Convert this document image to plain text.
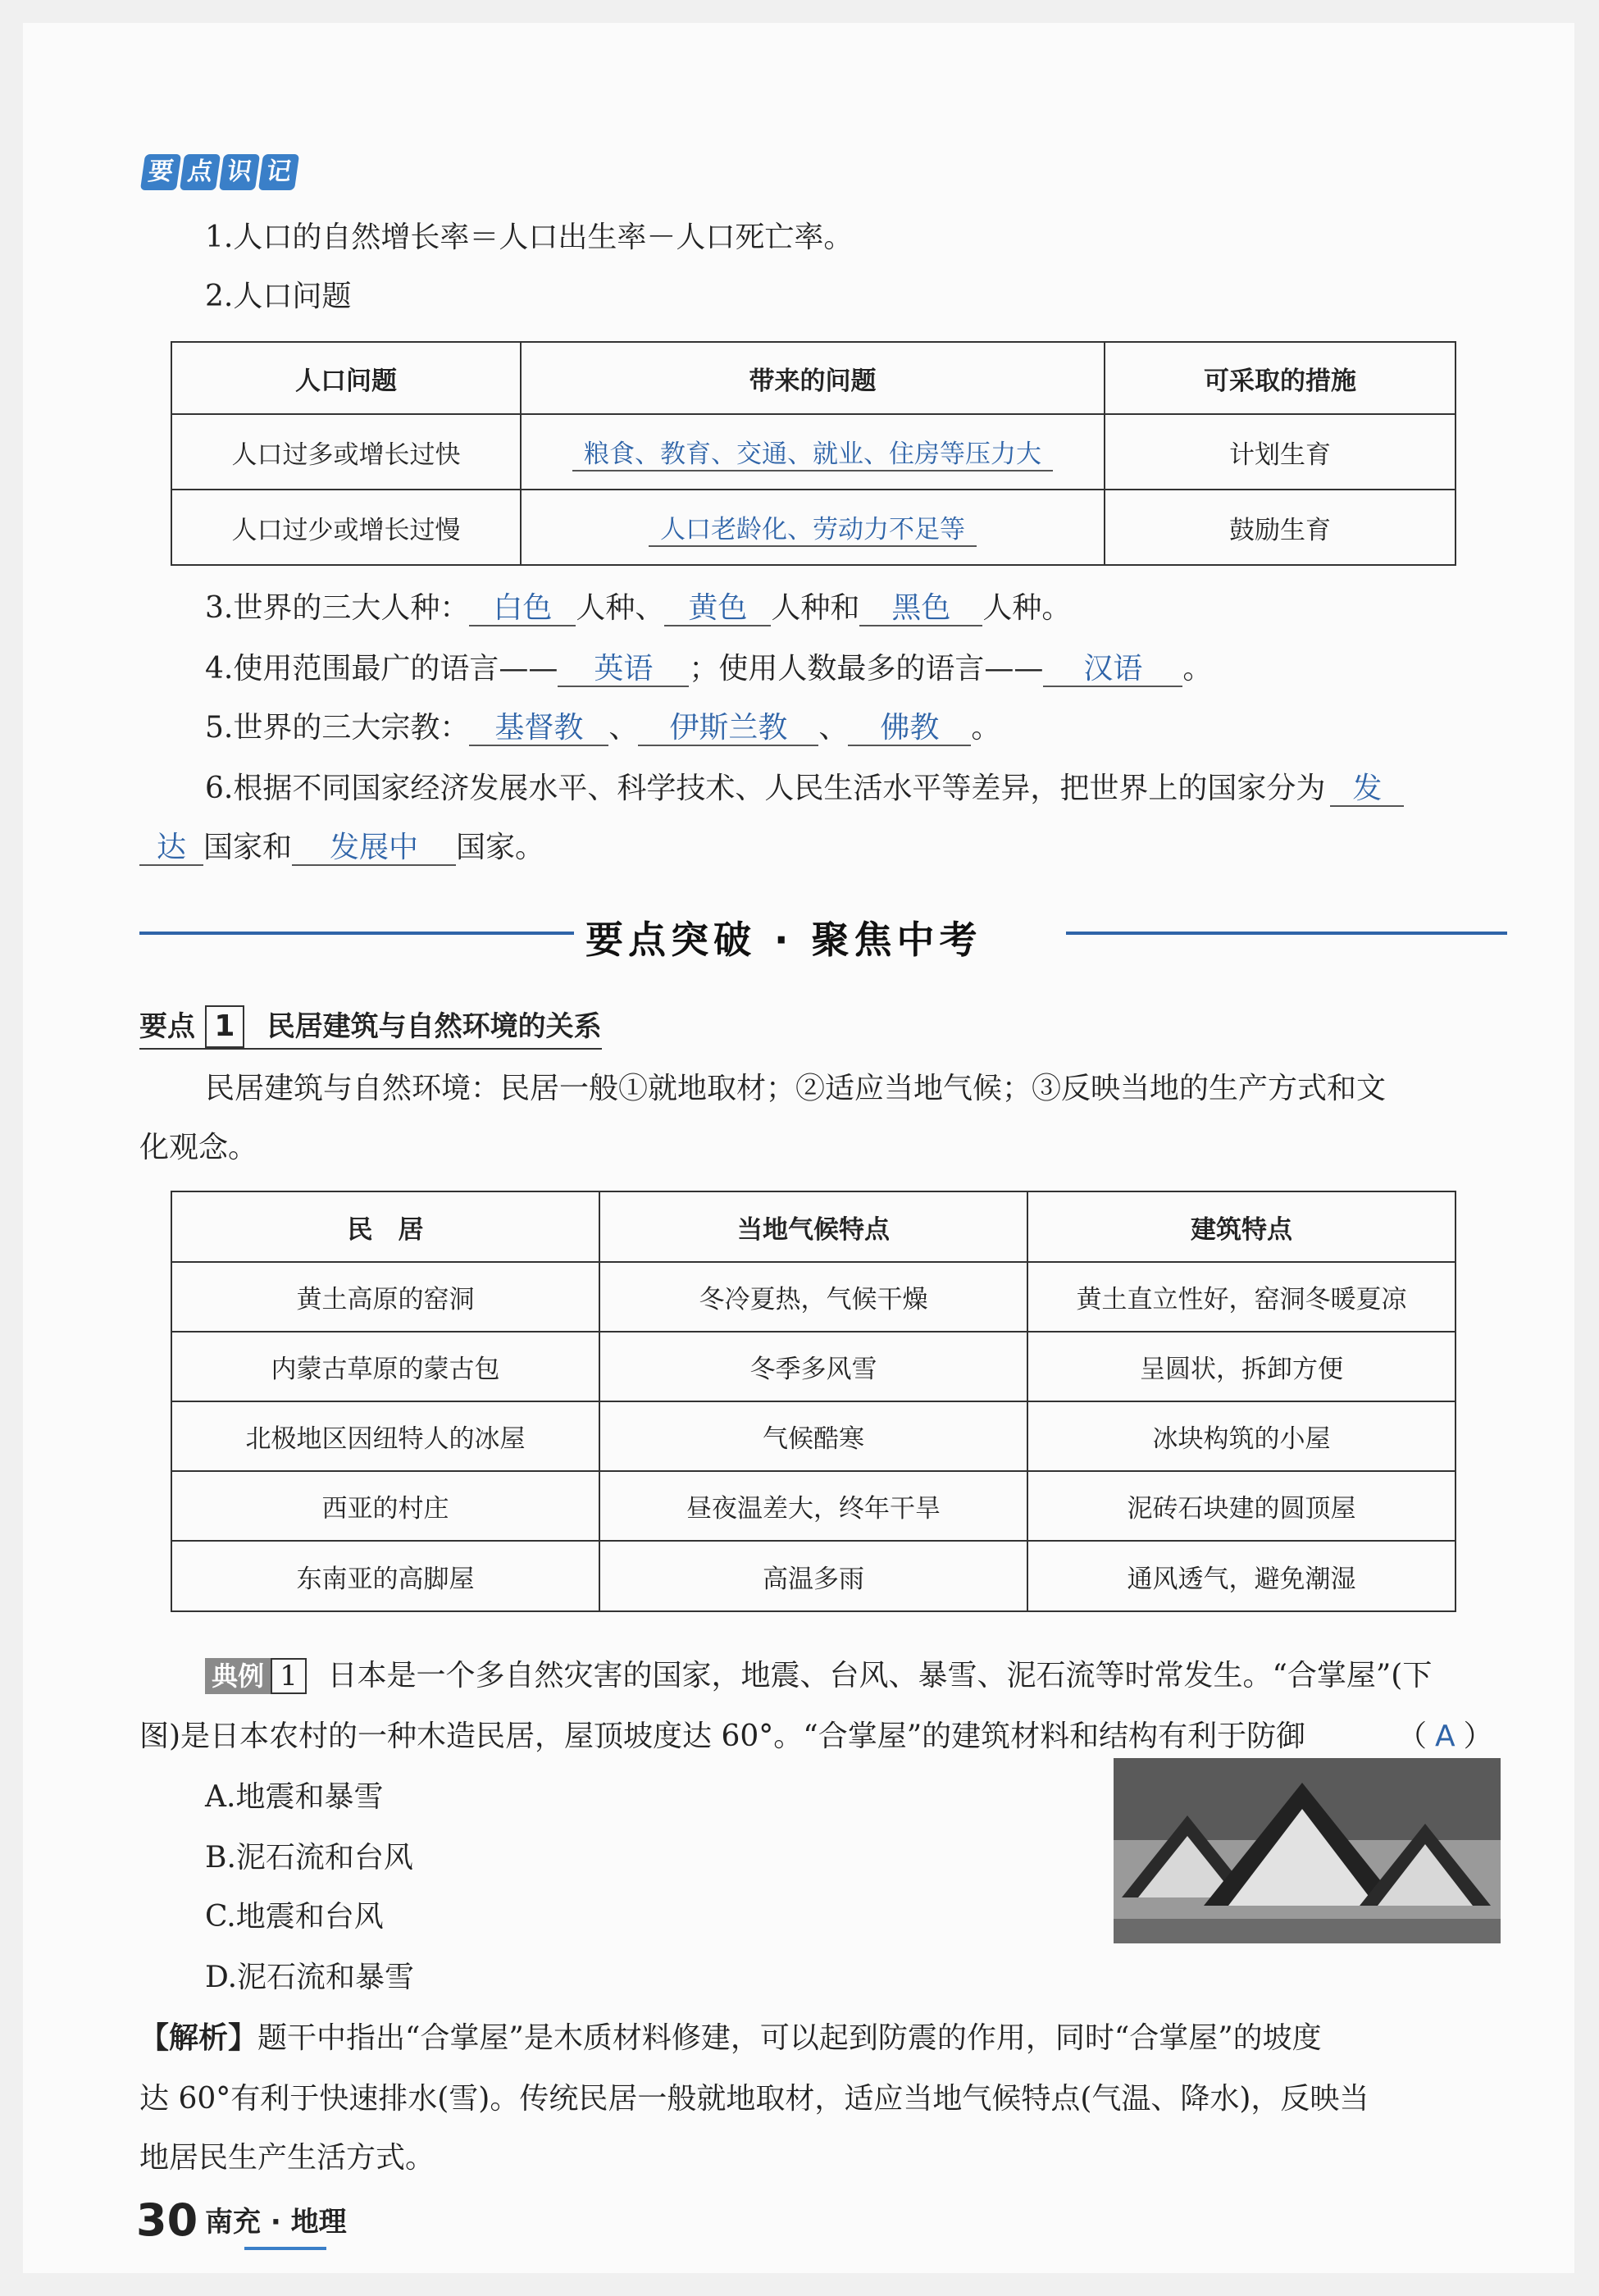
要 点 识 记
1.人口的自然增长率＝人口出生率－人口死亡率。
2.人口问题
人口问题	带来的问题	可采取的措施
人口过多或增长过快	粮食、教育、交通、就业、住房等压力大	计划生育
人口过少或增长过慢	人口老龄化、劳动力不足等	鼓励生育
3.世界的三大人种： 白色 人种、 黄色 人种和 黑色 人种。
4.使用范围最广的语言—— 英语 ；使用人数最多的语言—— 汉语 。
5.世界的三大宗教： 基督教 、 伊斯兰教 、 佛教 。
6.根据不同国家经济发展水平、科学技术、人民生活水平等差异，把世界上的国家分为 发
达 国家和 发展中 国家。
要点突破 · 聚焦中考
要点 1 民居建筑与自然环境的关系
民居建筑与自然环境：民居一般①就地取材；②适应当地气候；③反映当地的生产方式和文
化观念。
民　居	当地气候特点	建筑特点
黄土高原的窑洞	冬冷夏热，气候干燥	黄土直立性好，窑洞冬暖夏凉
内蒙古草原的蒙古包	冬季多风雪	呈圆状，拆卸方便
北极地区因纽特人的冰屋	气候酷寒	冰块构筑的小屋
西亚的村庄	昼夜温差大，终年干旱	泥砖石块建的圆顶屋
东南亚的高脚屋	高温多雨	通风透气，避免潮湿
典例 1 日本是一个多自然灾害的国家，地震、台风、暴雪、泥石流等时常发生。“合掌屋”(下
图)是日本农村的一种木造民居，屋顶坡度达 60°。“合掌屋”的建筑材料和结构有利于防御	（ A ）
A.地震和暴雪
B.泥石流和台风
C.地震和台风
D.泥石流和暴雪
【解析】题干中指出“合掌屋”是木质材料修建，可以起到防震的作用，同时“合掌屋”的坡度
达 60°有利于快速排水(雪)。传统民居一般就地取材，适应当地气候特点(气温、降水)，反映当
地居民生产生活方式。
30 南充 · 地理
